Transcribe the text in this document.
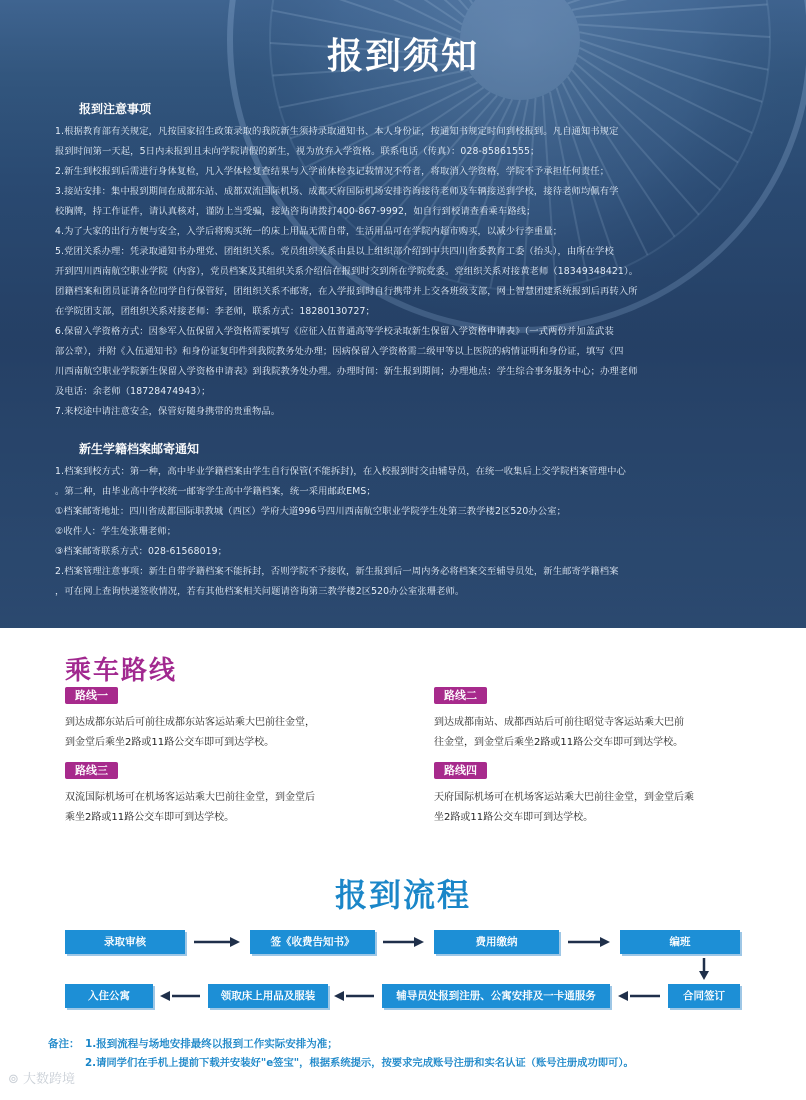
报到须知
报到注意事项
1.根据教育部有关规定，凡按国家招生政策录取的我院新生须持录取通知书、本人身份证，按通知书规定时间到校报到。凡自通知书规定
报到时间第一天起，5日内未报到且未向学院请假的新生，视为放弃入学资格。联系电话（传真）：028-85861555；
2.新生到校报到后需进行身体复检，凡入学体检复查结果与入学前体检表记载情况不符者，将取消入学资格，学院不予承担任何责任；
3.接站安排：集中报到期间在成都东站、成都双流国际机场、成都天府国际机场安排咨询接待老师及车辆接送到学校，接待老师均佩有学
校胸牌，持工作证件，请认真核对，谨防上当受骗，接站咨询请拨打400-867-9992，如自行到校请查看乘车路线；
4.为了大家的出行方便与安全，入学后将购买统一的床上用品无需自带，生活用品可在学院内超市购买，以减少行李重量；
5.党团关系办理：凭录取通知书办理党、团组织关系。党员组织关系由县以上组织部介绍到中共四川省委教育工委（抬头），由所在学校
开到四川西南航空职业学院（内容），党员档案及其组织关系介绍信在报到时交到所在学院党委。党组织关系对接黄老师（18349348421）。
团籍档案和团员证请各位同学自行保管好，团组织关系不邮寄，在入学报到时自行携带并上交各班级支部，网上智慧团建系统报到后再转入所
在学院团支部，团组织关系对接老师：李老师，联系方式：18280130727；
6.保留入学资格方式：因参军入伍保留入学资格需要填写《应征入伍普通高等学校录取新生保留入学资格申请表》（一式两份并加盖武装
部公章），并附《入伍通知书》和身份证复印件到我院教务处办理；因病保留入学资格需二级甲等以上医院的病情证明和身份证，填写《四
川西南航空职业学院新生保留入学资格申请表》到我院教务处办理。办理时间：新生报到期间；办理地点：学生综合事务服务中心；办理老师
及电话：余老师（18728474943）；
7.来校途中请注意安全，保管好随身携带的贵重物品。
新生学籍档案邮寄通知
1.档案到校方式：第一种，高中毕业学籍档案由学生自行保管(不能拆封)，在入校报到时交由辅导员，在统一收集后上交学院档案管理中心
。第二种，由毕业高中学校统一邮寄学生高中学籍档案，统一采用邮政EMS；
①档案邮寄地址：四川省成都国际职教城（西区）学府大道996号四川西南航空职业学院学生处第三教学楼2区520办公室；
②收件人：学生处张珊老师；
③档案邮寄联系方式：028-61568019；
2.档案管理注意事项：新生自带学籍档案不能拆封，否则学院不予接收，新生报到后一周内务必将档案交至辅导员处，新生邮寄学籍档案
，可在网上查询快递签收情况，若有其他档案相关问题请咨询第三教学楼2区520办公室张珊老师。
乘车路线
路线一
到达成都东站后可前往成都东站客运站乘大巴前往金堂，
到金堂后乘坐2路或11路公交车即可到达学校。
路线二
到达成都南站、成都西站后可前往昭觉寺客运站乘大巴前
往金堂，到金堂后乘坐2路或11路公交车即可到达学校。
路线三
双流国际机场可在机场客运站乘大巴前往金堂，到金堂后
乘坐2路或11路公交车即可到达学校。
路线四
天府国际机场可在机场客运站乘大巴前往金堂，到金堂后乘
坐2路或11路公交车即可到达学校。
报到流程
录取审核	签《收费告知书》	费用缴纳	编班
合同签订
辅导员处报到注册、公寓安排及一卡通服务
领取床上用品及服装
入住公寓
备注： 1.报到流程与场地安排最终以报到工作实际安排为准；
2.请同学们在手机上提前下载并安装好"e签宝"，根据系统提示，按要求完成账号注册和实名认证（账号注册成功即可）。
⊚ 大数跨境
